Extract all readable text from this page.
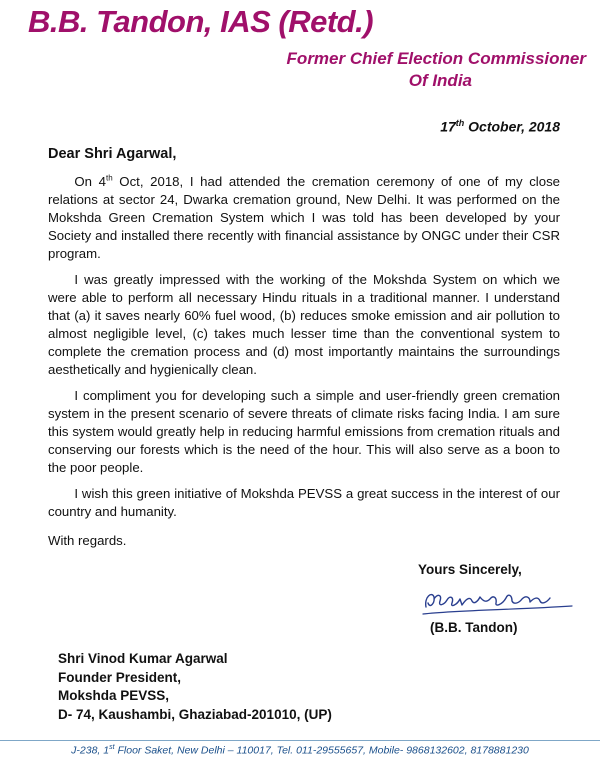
B.B. Tandon, IAS (Retd.)
Former Chief Election Commissioner
Of India
17th October, 2018
Dear Shri Agarwal,
  On 4th Oct, 2018, I had attended the cremation ceremony of one of my close relations at sector 24, Dwarka cremation ground, New Delhi. It was performed on the Mokshda Green Cremation System which I was told has been developed by your Society and installed there recently with financial assistance by ONGC under their CSR program.
  I was greatly impressed with the working of the Mokshda System on which we were able to perform all necessary Hindu rituals in a traditional manner. I understand that (a) it saves nearly 60% fuel wood, (b) reduces smoke emission and air pollution to almost negligible level, (c) takes much lesser time than the conventional system to complete the cremation process and (d) most importantly maintains the surroundings aesthetically and hygienically clean.
  I compliment you for developing such a simple and user-friendly green cremation system in the present scenario of severe threats of climate risks facing India. I am sure this system would greatly help in reducing harmful emissions from cremation rituals and conserving our forests which is the need of the hour. This will also serve as a boon to the poor people.
  I wish this green initiative of Mokshda PEVSS a great success in the interest of our country and humanity.
With regards.
Yours Sincerely,
(B.B. Tandon)
Shri Vinod Kumar Agarwal
Founder President,
Mokshda PEVSS,
D- 74, Kaushambi, Ghaziabad-201010, (UP)
J-238, 1st Floor Saket, New Delhi – 110017, Tel. 011-29555657, Mobile- 9868132602, 8178881230
